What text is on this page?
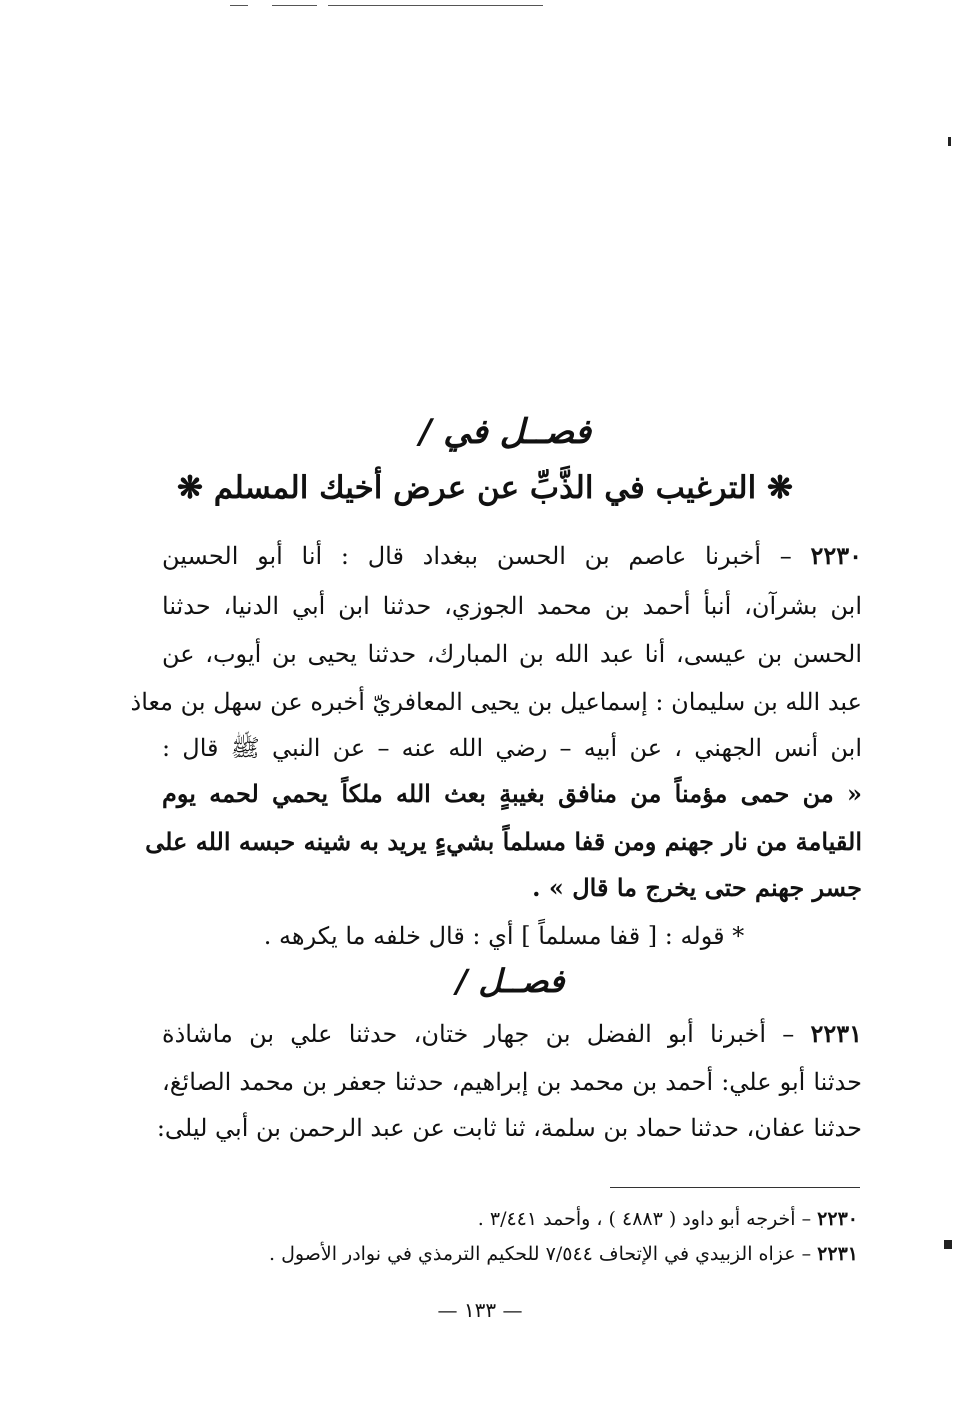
فصــل في /
❋ الترغيب في الذَّبِّ عن عرض أخيك المسلم ❋
٢٢٣٠ – أخبرنا عاصم بن الحسن ببغداد قال : أنا أبو الحسين
ابن بشرآن، أنبأ أحمد بن محمد الجوزي، حدثنا ابن أبي الدنيا، حدثنا
الحسن بن عيسى، أنا عبد الله بن المبارك، حدثنا يحيى بن أيوب، عن
عبد الله بن سليمان : إسماعيل بن يحيى المعافريّ أخبره عن سهل بن معاذ
ابن أنس الجهني ، عن أبيه – رضي الله عنه – عن النبي ﷺ قال :
« من حمى مؤمناً من منافق بغيبةٍ بعث الله ملكاً يحمي لحمه يوم
القيامة من نار جهنم ومن قفا مسلماً بشيءٍ يريد به شينه حبسه الله على
جسر جهنم حتى يخرج ما قال » .
* قوله : [ قفا مسلماً ] أي : قال خلفه ما يكرهه .
فصــل /
٢٢٣١ – أخبرنا أبو الفضل بن جهار ختان، حدثنا علي بن ماشاذة
حدثنا أبو علي: أحمد بن محمد بن إبراهيم، حدثنا جعفر بن محمد الصائغ،
حدثنا عفان، حدثنا حماد بن سلمة، ثنا ثابت عن عبد الرحمن بن أبي ليلى:
٢٢٣٠ – أخرجه أبو داود ( ٤٨٨٣ ) ، وأحمد ٣/٤٤١ .
٢٢٣١ – عزاه الزبيدي في الإتحاف ٧/٥٤٤ للحكيم الترمذي في نوادر الأصول .
— ١٣٣ —
